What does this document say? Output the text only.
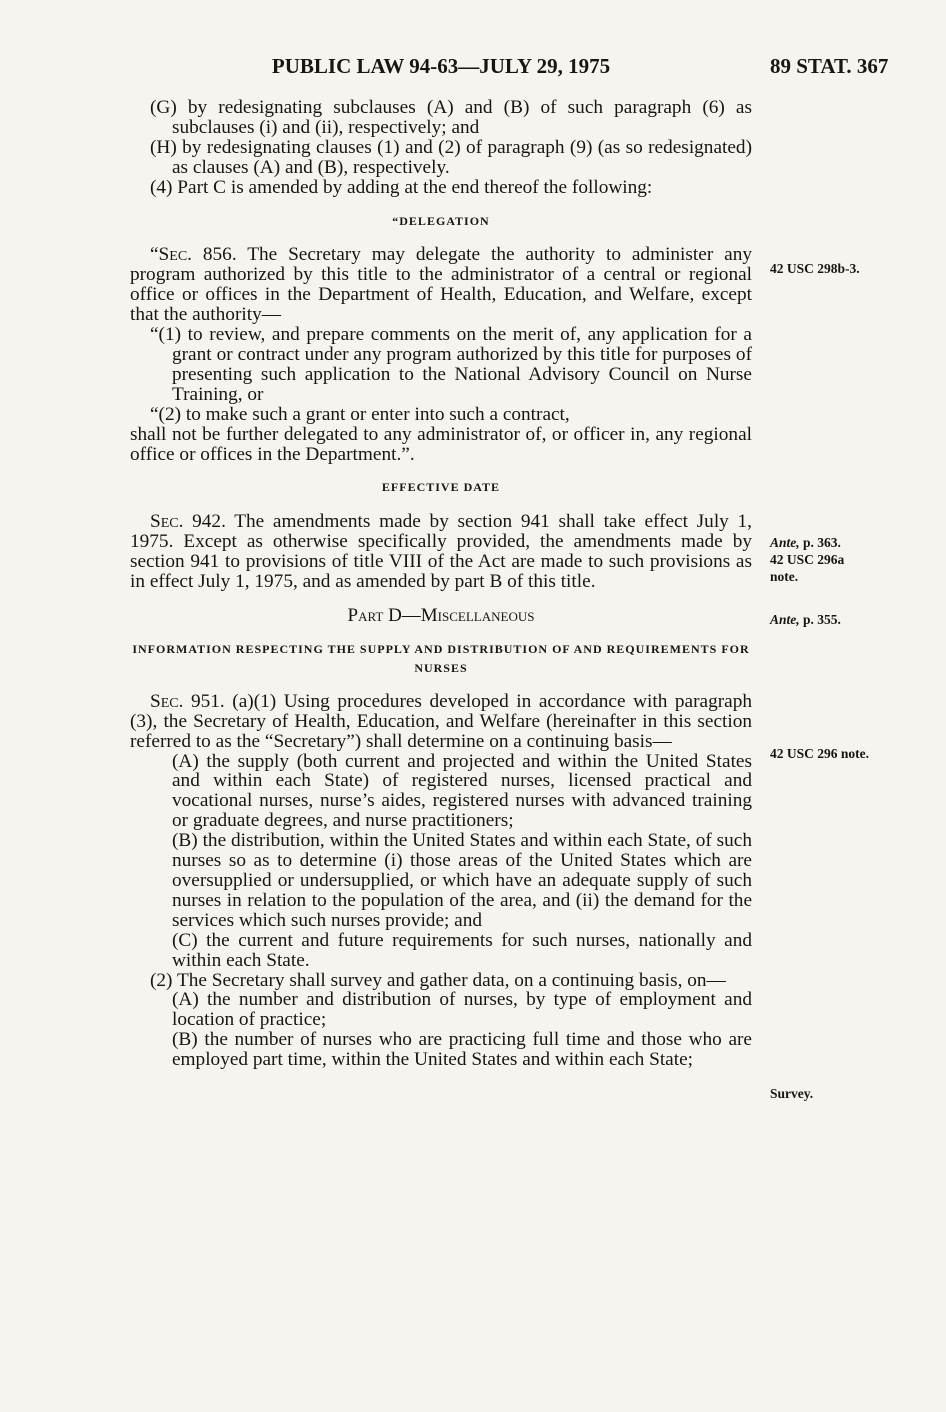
PUBLIC LAW 94-63—JULY 29, 1975	89 STAT. 367

(G) by redesignating subclauses (A) and (B) of such paragraph (6) as subclauses (i) and (ii), respectively; and

(H) by redesignating clauses (1) and (2) of paragraph (9) (as so redesignated) as clauses (A) and (B), respectively.

(4) Part C is amended by adding at the end thereof the following:

“DELEGATION

“Sec. 856. The Secretary may delegate the authority to administer any program authorized by this title to the administrator of a central or regional office or offices in the Department of Health, Education, and Welfare, except that the authority—

“(1) to review, and prepare comments on the merit of, any application for a grant or contract under any program authorized by this title for purposes of presenting such application to the National Advisory Council on Nurse Training, or

“(2) to make such a grant or enter into such a contract,

shall not be further delegated to any administrator of, or officer in, any regional office or offices in the Department.”.

EFFECTIVE DATE

Sec. 942. The amendments made by section 941 shall take effect July 1, 1975. Except as otherwise specifically provided, the amendments made by section 941 to provisions of title VIII of the Act are made to such provisions as in effect July 1, 1975, and as amended by part B of this title.

Part D—Miscellaneous

INFORMATION RESPECTING THE SUPPLY AND DISTRIBUTION OF AND REQUIREMENTS FOR NURSES

Sec. 951. (a)(1) Using procedures developed in accordance with paragraph (3), the Secretary of Health, Education, and Welfare (hereinafter in this section referred to as the “Secretary”) shall determine on a continuing basis—

(A) the supply (both current and projected and within the United States and within each State) of registered nurses, licensed practical and vocational nurses, nurse’s aides, registered nurses with advanced training or graduate degrees, and nurse practitioners;

(B) the distribution, within the United States and within each State, of such nurses so as to determine (i) those areas of the United States which are oversupplied or undersupplied, or which have an adequate supply of such nurses in relation to the population of the area, and (ii) the demand for the services which such nurses provide; and

(C) the current and future requirements for such nurses, nationally and within each State.

(2) The Secretary shall survey and gather data, on a continuing basis, on—

(A) the number and distribution of nurses, by type of employment and location of practice;

(B) the number of nurses who are practicing full time and those who are employed part time, within the United States and within each State;

42 USC 298b-3.
Ante, p. 363.
42 USC 296a
note.
Ante, p. 355.
42 USC 296 note.
Survey.
